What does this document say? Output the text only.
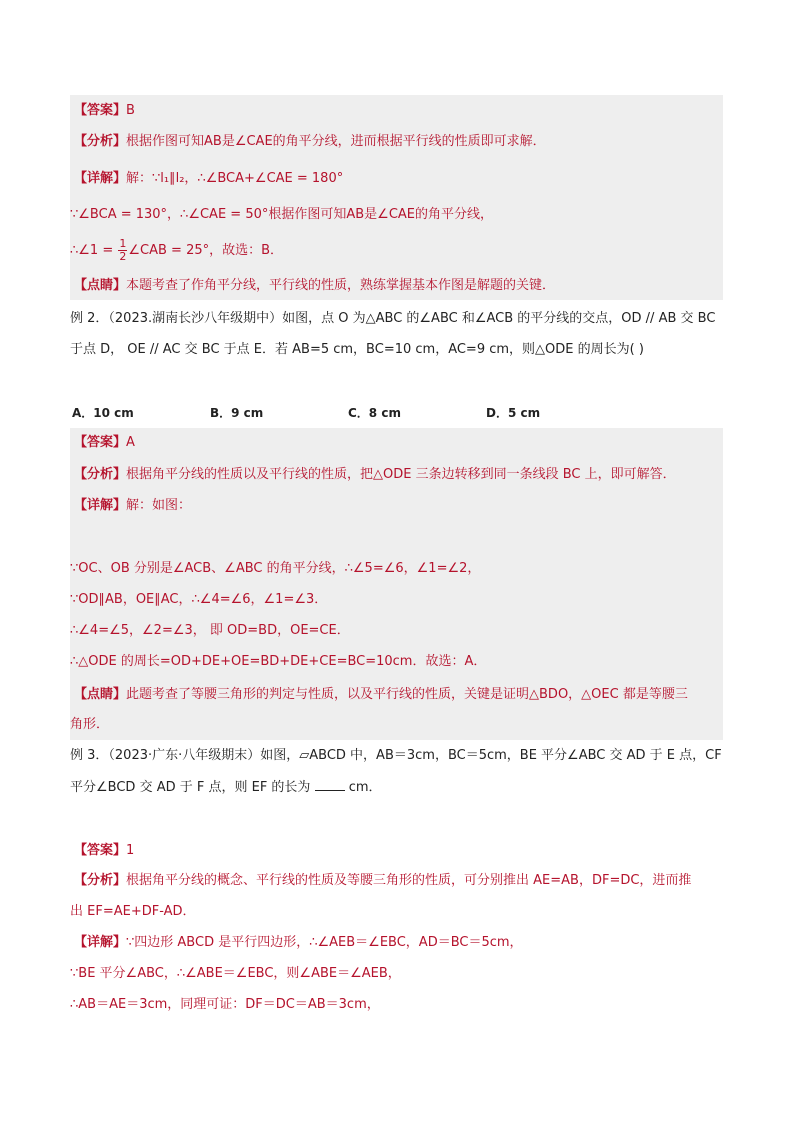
【答案】B
【分析】根据作图可知AB是∠CAE的角平分线，进而根据平行线的性质即可求解．
【详解】解：∵l₁∥l₂，∴∠BCA+∠CAE = 180°
∵∠BCA = 130°，∴∠CAE = 50°根据作图可知AB是∠CAE的角平分线，
∴∠1 = $\frac{1}{2}$ ∠CAB = 25°，故选：B．
【点睛】本题考查了作角平分线，平行线的性质，熟练掌握基本作图是解题的关键．
例 2．（2023.湖南长沙八年级期中）如图，点 O 为△ABC 的∠ABC 和∠ACB 的平分线的交点，OD // AB 交 BC
于点 D， OE // AC 交 BC 于点 E．若 AB=5 cm，BC=10 cm，AC=9 cm，则△ODE 的周长为( )
A．10 cm	B．9 cm	C．8 cm	D．5 cm
【答案】A
【分析】根据角平分线的性质以及平行线的性质，把△ODE 三条边转移到同一条线段 BC 上，即可解答．
【详解】解：如图：
∵OC、OB 分别是∠ACB、∠ABC 的角平分线，∴∠5=∠6，∠1=∠2，
∵OD∥AB，OE∥AC，∴∠4=∠6，∠1=∠3．
∴∠4=∠5，∠2=∠3， 即 OD=BD，OE=CE．
∴△ODE 的周长=OD+DE+OE=BD+DE+CE=BC=10cm．故选：A．
【点睛】此题考查了等腰三角形的判定与性质，以及平行线的性质，关键是证明△BDO，△OEC 都是等腰三
角形．
例 3．（2023·广东·八年级期末）如图，▱ABCD 中，AB＝3cm，BC＝5cm，BE 平分∠ABC 交 AD 于 E 点，CF
平分∠BCD 交 AD 于 F 点，则 EF 的长为	cm．
【答案】1
【分析】根据角平分线的概念、平行线的性质及等腰三角形的性质，可分别推出 AE=AB，DF=DC，进而推
出 EF=AE+DF-AD．
【详解】∵四边形 ABCD 是平行四边形，∴∠AEB＝∠EBC，AD＝BC＝5cm，
∵BE 平分∠ABC，∴∠ABE＝∠EBC，则∠ABE＝∠AEB，
∴AB＝AE＝3cm，同理可证：DF＝DC＝AB＝3cm，
